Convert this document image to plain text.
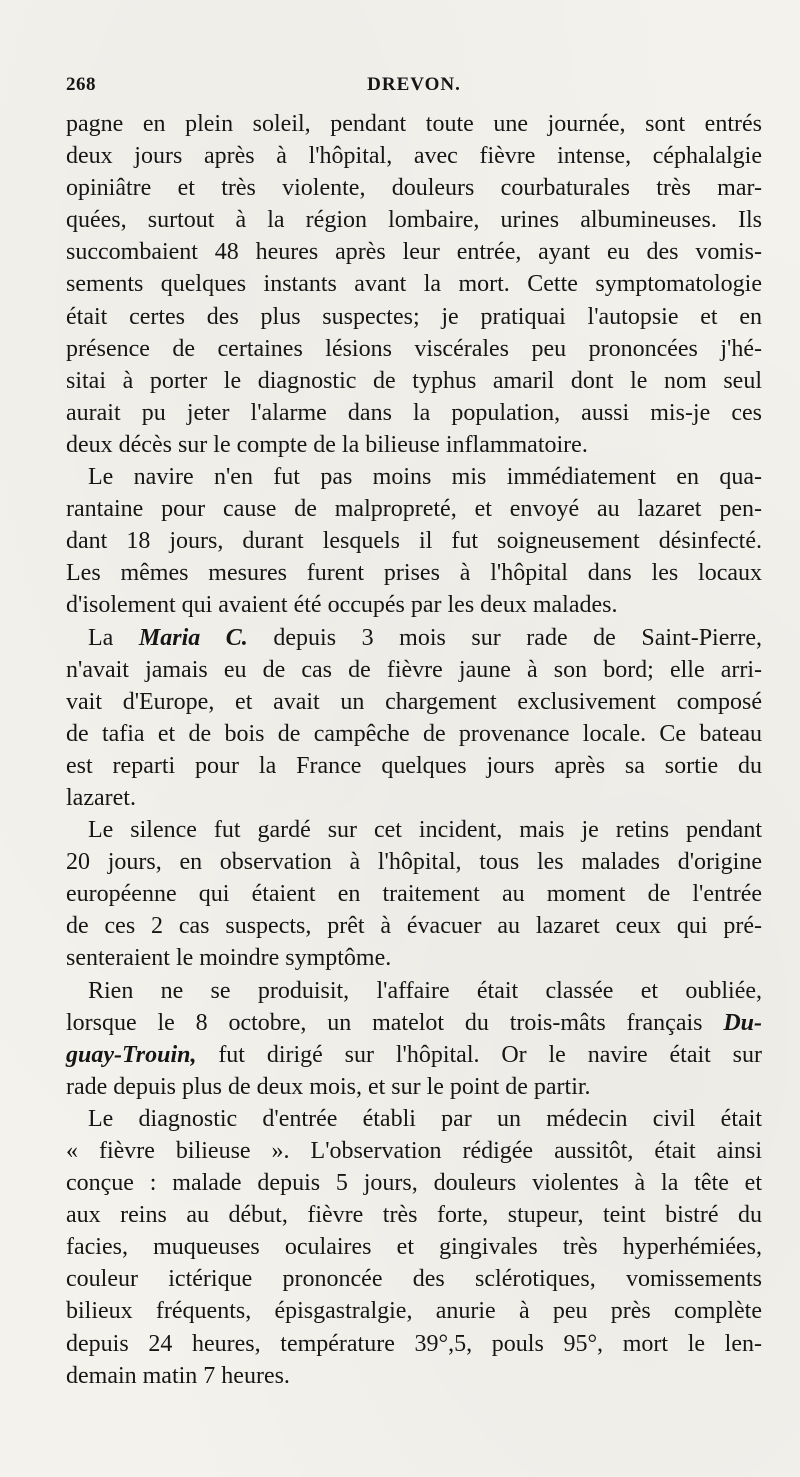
268	DREVON.
pagne en plein soleil, pendant toute une journée, sont entrés
deux jours après à l'hôpital, avec fièvre intense, céphalalgie
opiniâtre et très violente, douleurs courbaturales très mar-
quées, surtout à la région lombaire, urines albumineuses. Ils
succombaient 48 heures après leur entrée, ayant eu des vomis-
sements quelques instants avant la mort. Cette symptomatologie
était certes des plus suspectes; je pratiquai l'autopsie et en
présence de certaines lésions viscérales peu prononcées j'hé-
sitai à porter le diagnostic de typhus amaril dont le nom seul
aurait pu jeter l'alarme dans la population, aussi mis-je ces
deux décès sur le compte de la bilieuse inflammatoire.
Le navire n'en fut pas moins mis immédiatement en qua-
rantaine pour cause de malpropreté, et envoyé au lazaret pen-
dant 18 jours, durant lesquels il fut soigneusement désinfecté.
Les mêmes mesures furent prises à l'hôpital dans les locaux
d'isolement qui avaient été occupés par les deux malades.
La Maria C. depuis 3 mois sur rade de Saint-Pierre,
n'avait jamais eu de cas de fièvre jaune à son bord; elle arri-
vait d'Europe, et avait un chargement exclusivement composé
de tafia et de bois de campêche de provenance locale. Ce bateau
est reparti pour la France quelques jours après sa sortie du
lazaret.
Le silence fut gardé sur cet incident, mais je retins pendant
20 jours, en observation à l'hôpital, tous les malades d'origine
européenne qui étaient en traitement au moment de l'entrée
de ces 2 cas suspects, prêt à évacuer au lazaret ceux qui pré-
senteraient le moindre symptôme.
Rien ne se produisit, l'affaire était classée et oubliée,
lorsque le 8 octobre, un matelot du trois-mâts français Du-
guay-Trouin, fut dirigé sur l'hôpital. Or le navire était sur
rade depuis plus de deux mois, et sur le point de partir.
Le diagnostic d'entrée établi par un médecin civil était
« fièvre bilieuse ». L'observation rédigée aussitôt, était ainsi
conçue : malade depuis 5 jours, douleurs violentes à la tête et
aux reins au début, fièvre très forte, stupeur, teint bistré du
facies, muqueuses oculaires et gingivales très hyperhémiées,
couleur ictérique prononcée des sclérotiques, vomissements
bilieux fréquents, épisgastralgie, anurie à peu près complète
depuis 24 heures, température 39°,5, pouls 95°, mort le len-
demain matin 7 heures.
